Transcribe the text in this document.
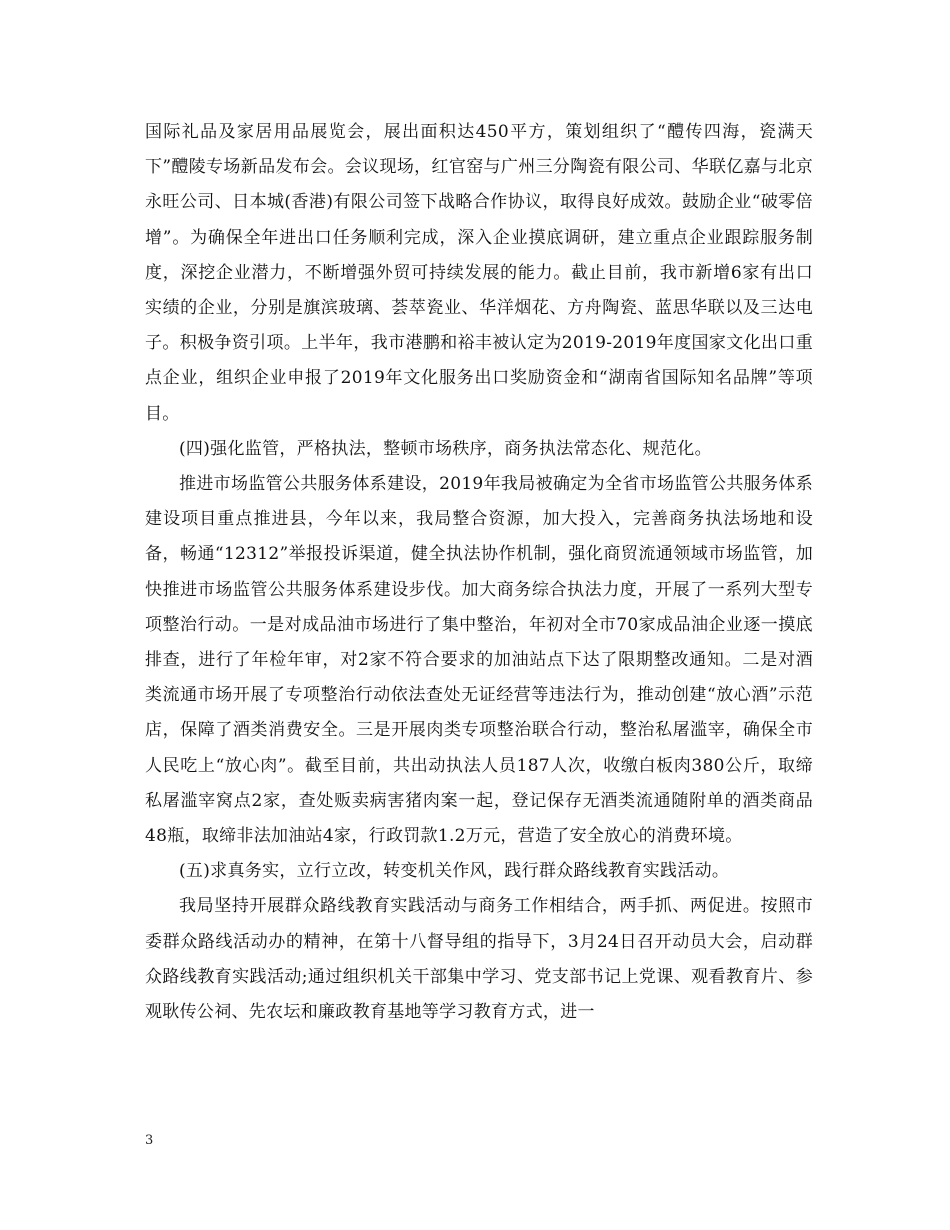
国际礼品及家居用品展览会，展出面积达450平方，策划组织了“醴传四海，瓷满天下”醴陵专场新品发布会。会议现场，红官窑与广州三分陶瓷有限公司、华联亿嘉与北京永旺公司、日本城(香港)有限公司签下战略合作协议，取得良好成效。鼓励企业“破零倍增”。为确保全年进出口任务顺利完成，深入企业摸底调研，建立重点企业跟踪服务制度，深挖企业潜力，不断增强外贸可持续发展的能力。截止目前，我市新增6家有出口实绩的企业，分别是旗滨玻璃、荟萃瓷业、华洋烟花、方舟陶瓷、蓝思华联以及三达电子。积极争资引项。上半年，我市港鹏和裕丰被认定为2019-2019年度国家文化出口重点企业，组织企业申报了2019年文化服务出口奖励资金和“湖南省国际知名品牌”等项目。

(四)强化监管，严格执法，整顿市场秩序，商务执法常态化、规范化。

推进市场监管公共服务体系建设，2019年我局被确定为全省市场监管公共服务体系建设项目重点推进县，今年以来，我局整合资源，加大投入，完善商务执法场地和设备，畅通“12312”举报投诉渠道，健全执法协作机制，强化商贸流通领域市场监管，加快推进市场监管公共服务体系建设步伐。加大商务综合执法力度，开展了一系列大型专项整治行动。一是对成品油市场进行了集中整治，年初对全市70家成品油企业逐一摸底排查，进行了年检年审，对2家不符合要求的加油站点下达了限期整改通知。二是对酒类流通市场开展了专项整治行动依法查处无证经营等违法行为，推动创建“放心酒”示范店，保障了酒类消费安全。三是开展肉类专项整治联合行动，整治私屠滥宰，确保全市人民吃上“放心肉”。截至目前，共出动执法人员187人次，收缴白板肉380公斤，取缔私屠滥宰窝点2家，查处贩卖病害猪肉案一起，登记保存无酒类流通随附单的酒类商品48瓶，取缔非法加油站4家，行政罚款1.2万元，营造了安全放心的消费环境。

(五)求真务实，立行立改，转变机关作风，践行群众路线教育实践活动。

我局坚持开展群众路线教育实践活动与商务工作相结合，两手抓、两促进。按照市委群众路线活动办的精神，在第十八督导组的指导下，3月24日召开动员大会，启动群众路线教育实践活动;通过组织机关干部集中学习、党支部书记上党课、观看教育片、参观耿传公祠、先农坛和廉政教育基地等学习教育方式，进一

3
